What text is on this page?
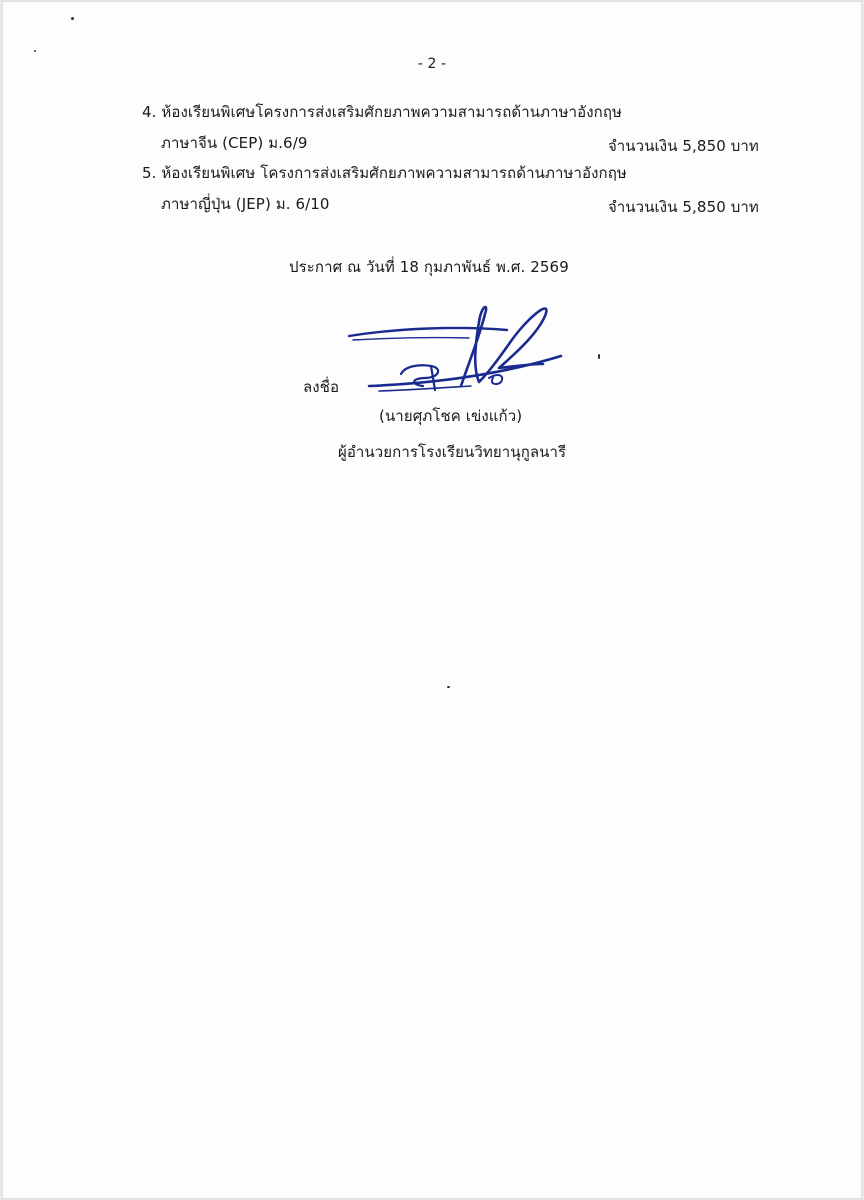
- 2 -
4. ห้องเรียนพิเศษโครงการส่งเสริมศักยภาพความสามารถด้านภาษาอังกฤษ
ภาษาจีน (CEP) ม.6/9	จำนวนเงิน 5,850 บาท
5. ห้องเรียนพิเศษ โครงการส่งเสริมศักยภาพความสามารถด้านภาษาอังกฤษ
ภาษาญี่ปุ่น (JEP) ม. 6/10	จำนวนเงิน 5,850 บาท
ประกาศ ณ วันที่ 18 กุมภาพันธ์ พ.ศ. 2569
ลงชื่อ
(นายศุภโชค เข่งแก้ว)
ผู้อำนวยการโรงเรียนวิทยานุกูลนารี
